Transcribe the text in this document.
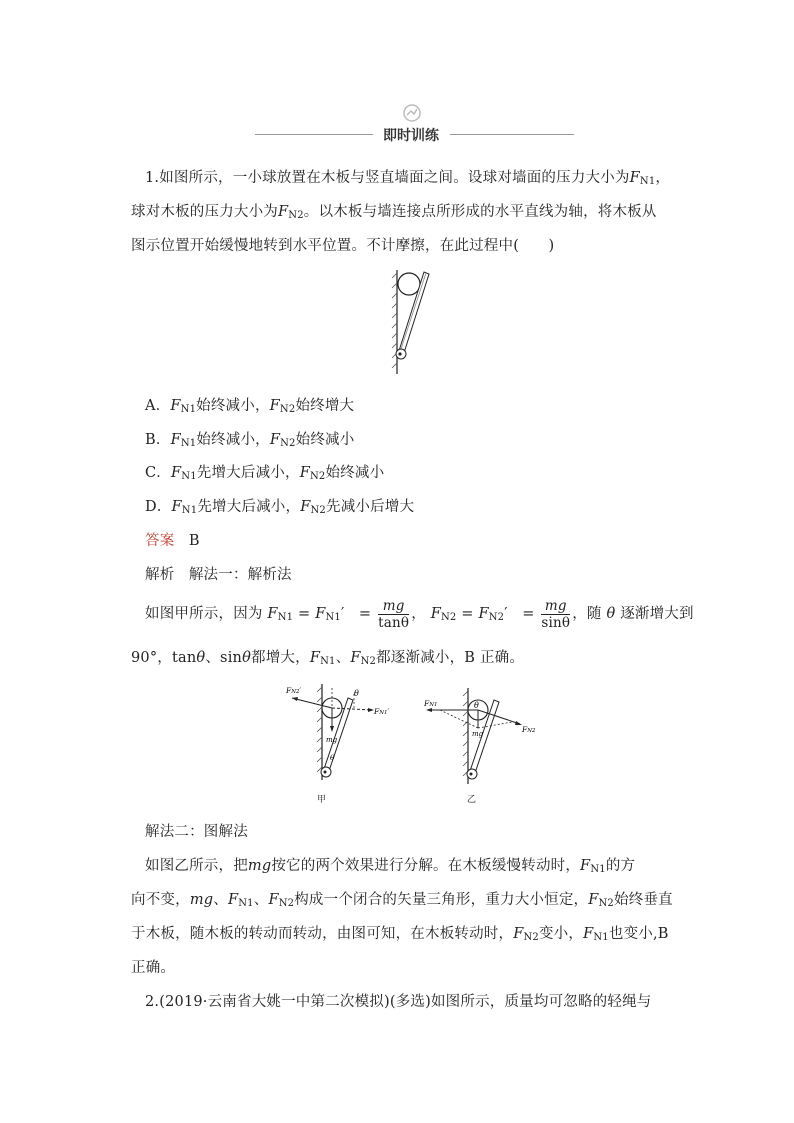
即时训练
1.如图所示，一小球放置在木板与竖直墙面之间。设球对墙面的压力大小为$F_{N1}$，
球对木板的压力大小为$F_{N2}$。以木板与墙连接点所形成的水平直线为轴，将木板从
图示位置开始缓慢地转到水平位置。不计摩擦，在此过程中(　　)
A．$F_{N1}$始终减小，$F_{N2}$始终增大
B．$F_{N1}$始终减小，$F_{N2}$始终减小
C．$F_{N1}$先增大后减小，$F_{N2}$始终减小
D．$F_{N1}$先增大后减小，$F_{N2}$先减小后增大
答案 B
解析 解法一：解析法
如图甲所示，因为 $F_{N1} = F_{N1}' = \frac{mg}{\tan\theta}$ ， $F_{N2} = F_{N2}' = \frac{mg}{\sin\theta}$ ，随 θ 逐渐增大到
90°，tanθ、sinθ都增大，$F_{N1}$、$F_{N2}$都逐渐减小，B 正确。
FN2′
FN1′
θ
mg
θ
甲
FN1
FN2
θ
mg
乙
解法二：图解法
如图乙所示，把mg按它的两个效果进行分解。在木板缓慢转动时，$F_{N1}$的方
向不变，mg、$F_{N1}$、$F_{N2}$构成一个闭合的矢量三角形，重力大小恒定，$F_{N2}$始终垂直
于木板，随木板的转动而转动，由图可知，在木板转动时，$F_{N2}$变小，$F_{N1}$也变小,B
正确。
2.(2019·云南省大姚一中第二次模拟)(多选)如图所示，质量均可忽略的轻绳与
